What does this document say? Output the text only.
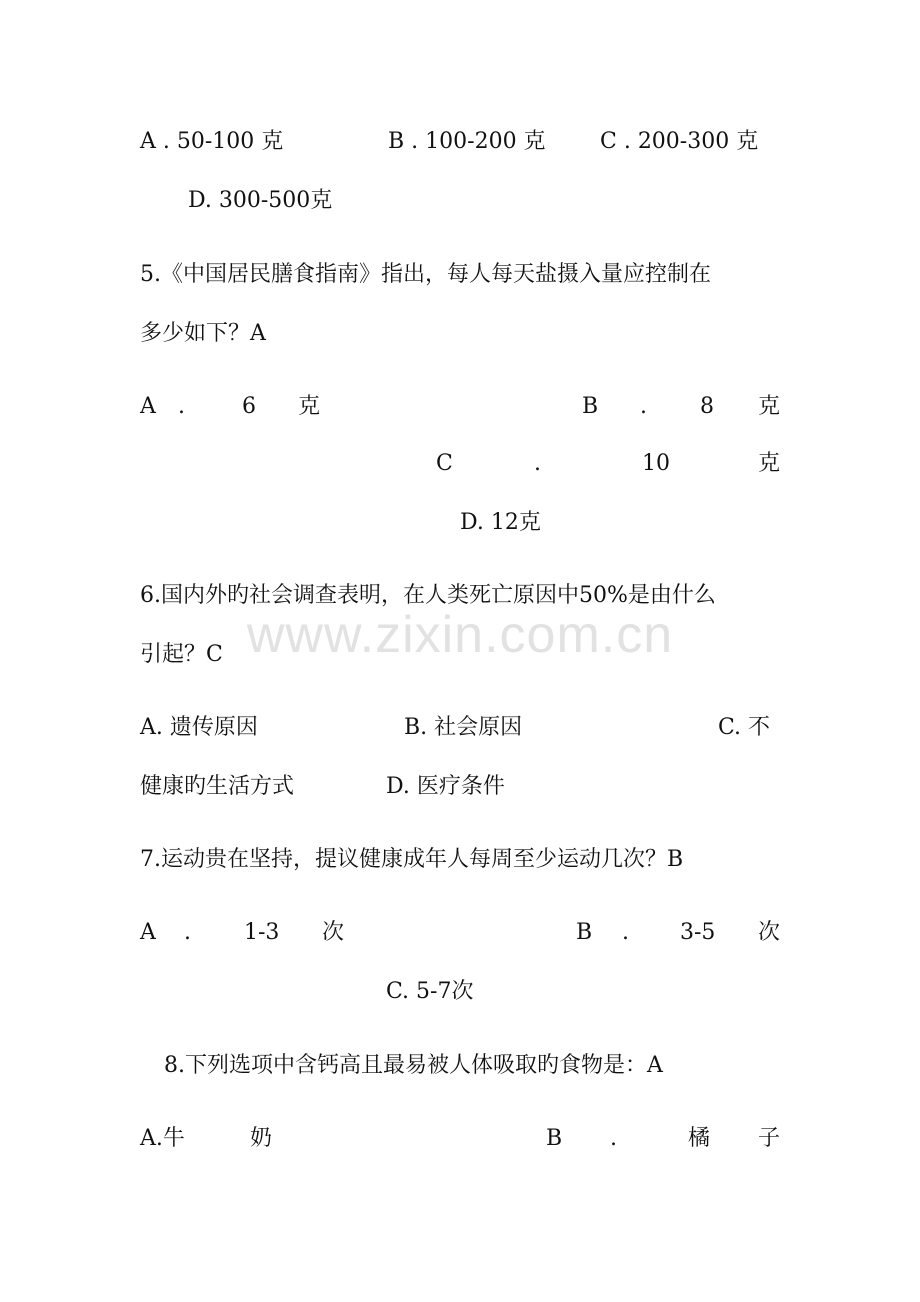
www.zixin.com.cn
A . 50-100 克	B . 100-200 克 C . 200-300 克
D. 300-500克
5.《中国居民膳食指南》指出，每人每天盐摄入量应控制在
多少如下？A
A .	6 克	B . 8 克
C	.	10	克
D. 12克
6.国内外旳社会调查表明，在人类死亡原因中50%是由什么
引起？C
A. 遗传原因	B. 社会原因	C. 不
健康旳生活方式	D. 医疗条件
7.运动贵在坚持，提议健康成年人每周至少运动几次？B
A . 1-3 次	B . 3-5 次
C. 5-7次
8.下列选项中含钙高且最易被人体吸取旳食物是：A
A.牛	奶	B .	橘 子
